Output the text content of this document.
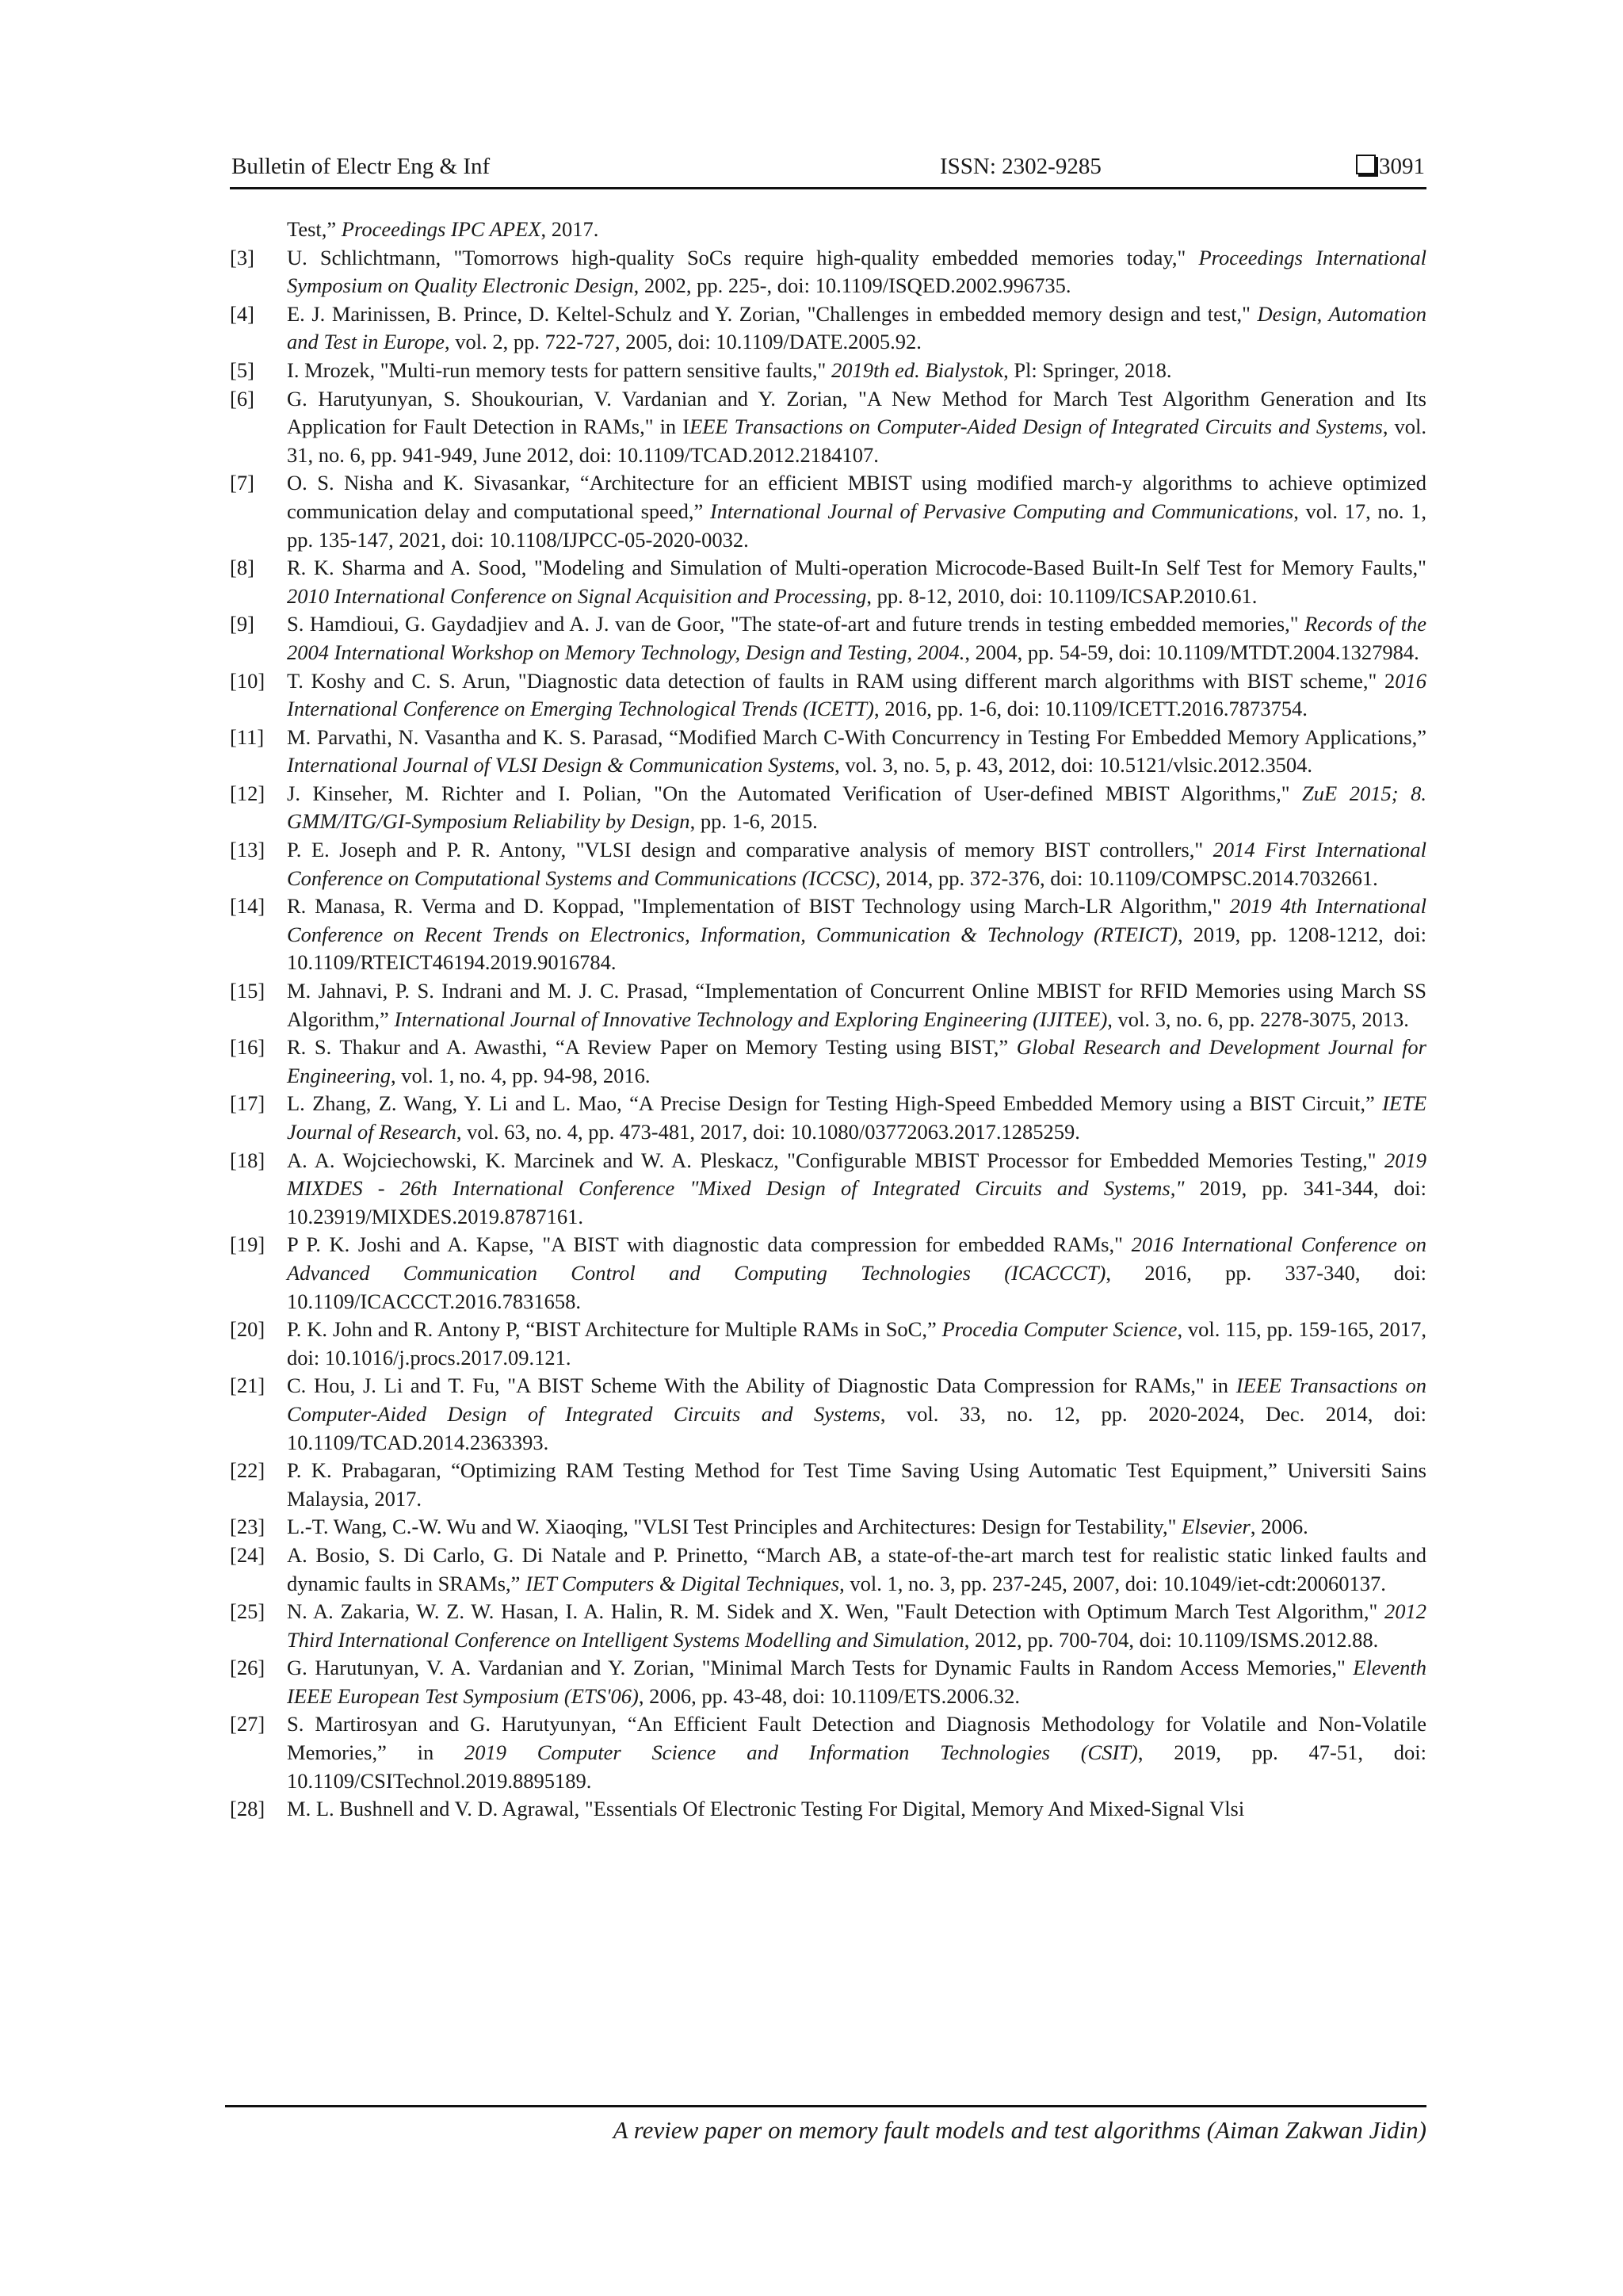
Bulletin of Electr Eng & Inf	ISSN: 2302-9285	3091
Test,” Proceedings IPC APEX, 2017.
[3]	U. Schlichtmann, "Tomorrows high-quality SoCs require high-quality embedded memories today," Proceedings International Symposium on Quality Electronic Design, 2002, pp. 225-, doi: 10.1109/ISQED.2002.996735.
[4]	E. J. Marinissen, B. Prince, D. Keltel-Schulz and Y. Zorian, "Challenges in embedded memory design and test," Design, Automation and Test in Europe, vol. 2, pp. 722-727, 2005, doi: 10.1109/DATE.2005.92.
[5]	I. Mrozek, "Multi-run memory tests for pattern sensitive faults," 2019th ed. Bialystok, Pl: Springer, 2018.
[6]	G. Harutyunyan, S. Shoukourian, V. Vardanian and Y. Zorian, "A New Method for March Test Algorithm Generation and Its Application for Fault Detection in RAMs," in IEEE Transactions on Computer-Aided Design of Integrated Circuits and Systems, vol. 31, no. 6, pp. 941-949, June 2012, doi: 10.1109/TCAD.2012.2184107.
[7]	O. S. Nisha and K. Sivasankar, “Architecture for an efficient MBIST using modified march-y algorithms to achieve optimized communication delay and computational speed,” International Journal of Pervasive Computing and Communications, vol. 17, no. 1, pp. 135-147, 2021, doi: 10.1108/IJPCC-05-2020-0032.
[8]	R. K. Sharma and A. Sood, "Modeling and Simulation of Multi-operation Microcode-Based Built-In Self Test for Memory Faults," 2010 International Conference on Signal Acquisition and Processing, pp. 8-12, 2010, doi: 10.1109/ICSAP.2010.61.
[9]	S. Hamdioui, G. Gaydadjiev and A. J. van de Goor, "The state-of-art and future trends in testing embedded memories," Records of the 2004 International Workshop on Memory Technology, Design and Testing, 2004., 2004, pp. 54-59, doi: 10.1109/MTDT.2004.1327984.
[10]	T. Koshy and C. S. Arun, "Diagnostic data detection of faults in RAM using different march algorithms with BIST scheme," 2016 International Conference on Emerging Technological Trends (ICETT), 2016, pp. 1-6, doi: 10.1109/ICETT.2016.7873754.
[11]	M. Parvathi, N. Vasantha and K. S. Parasad, “Modified March C-With Concurrency in Testing For Embedded Memory Applications,” International Journal of VLSI Design & Communication Systems, vol. 3, no. 5, p. 43, 2012, doi: 10.5121/vlsic.2012.3504.
[12]	J. Kinseher, M. Richter and I. Polian, "On the Automated Verification of User-defined MBIST Algorithms," ZuE 2015; 8. GMM/ITG/GI-Symposium Reliability by Design, pp. 1-6, 2015.
[13]	P. E. Joseph and P. R. Antony, "VLSI design and comparative analysis of memory BIST controllers," 2014 First International Conference on Computational Systems and Communications (ICCSC), 2014, pp. 372-376, doi: 10.1109/COMPSC.2014.7032661.
[14]	R. Manasa, R. Verma and D. Koppad, "Implementation of BIST Technology using March-LR Algorithm," 2019 4th International Conference on Recent Trends on Electronics, Information, Communication & Technology (RTEICT), 2019, pp. 1208-1212, doi: 10.1109/RTEICT46194.2019.9016784.
[15]	M. Jahnavi, P. S. Indrani and M. J. C. Prasad, “Implementation of Concurrent Online MBIST for RFID Memories using March SS Algorithm,” International Journal of Innovative Technology and Exploring Engineering (IJITEE), vol. 3, no. 6, pp. 2278-3075, 2013.
[16]	R. S. Thakur and A. Awasthi, “A Review Paper on Memory Testing using BIST,” Global Research and Development Journal for Engineering, vol. 1, no. 4, pp. 94-98, 2016.
[17]	L. Zhang, Z. Wang, Y. Li and L. Mao, “A Precise Design for Testing High-Speed Embedded Memory using a BIST Circuit,” IETE Journal of Research, vol. 63, no. 4, pp. 473-481, 2017, doi: 10.1080/03772063.2017.1285259.
[18]	A. A. Wojciechowski, K. Marcinek and W. A. Pleskacz, "Configurable MBIST Processor for Embedded Memories Testing," 2019 MIXDES - 26th International Conference "Mixed Design of Integrated Circuits and Systems," 2019, pp. 341-344, doi: 10.23919/MIXDES.2019.8787161.
[19]	P P. K. Joshi and A. Kapse, "A BIST with diagnostic data compression for embedded RAMs," 2016 International Conference on Advanced Communication Control and Computing Technologies (ICACCCT), 2016, pp. 337-340, doi: 10.1109/ICACCCT.2016.7831658.
[20]	P. K. John and R. Antony P, “BIST Architecture for Multiple RAMs in SoC,” Procedia Computer Science, vol. 115, pp. 159-165, 2017, doi: 10.1016/j.procs.2017.09.121.
[21]	C. Hou, J. Li and T. Fu, "A BIST Scheme With the Ability of Diagnostic Data Compression for RAMs," in IEEE Transactions on Computer-Aided Design of Integrated Circuits and Systems, vol. 33, no. 12, pp. 2020-2024, Dec. 2014, doi: 10.1109/TCAD.2014.2363393.
[22]	P. K. Prabagaran, “Optimizing RAM Testing Method for Test Time Saving Using Automatic Test Equipment,” Universiti Sains Malaysia, 2017.
[23]	L.-T. Wang, C.-W. Wu and W. Xiaoqing, "VLSI Test Principles and Architectures: Design for Testability," Elsevier, 2006.
[24]	A. Bosio, S. Di Carlo, G. Di Natale and P. Prinetto, “March AB, a state-of-the-art march test for realistic static linked faults and dynamic faults in SRAMs,” IET Computers & Digital Techniques, vol. 1, no. 3, pp. 237-245, 2007, doi: 10.1049/iet-cdt:20060137.
[25]	N. A. Zakaria, W. Z. W. Hasan, I. A. Halin, R. M. Sidek and X. Wen, "Fault Detection with Optimum March Test Algorithm," 2012 Third International Conference on Intelligent Systems Modelling and Simulation, 2012, pp. 700-704, doi: 10.1109/ISMS.2012.88.
[26]	G. Harutunyan, V. A. Vardanian and Y. Zorian, "Minimal March Tests for Dynamic Faults in Random Access Memories," Eleventh IEEE European Test Symposium (ETS'06), 2006, pp. 43-48, doi: 10.1109/ETS.2006.32.
[27]	S. Martirosyan and G. Harutyunyan, “An Efficient Fault Detection and Diagnosis Methodology for Volatile and Non-Volatile Memories,” in 2019 Computer Science and Information Technologies (CSIT), 2019, pp. 47-51, doi: 10.1109/CSITechnol.2019.8895189.
[28]	M. L. Bushnell and V. D. Agrawal, "Essentials Of Electronic Testing For Digital, Memory And Mixed-Signal Vlsi
A review paper on memory fault models and test algorithms (Aiman Zakwan Jidin)
